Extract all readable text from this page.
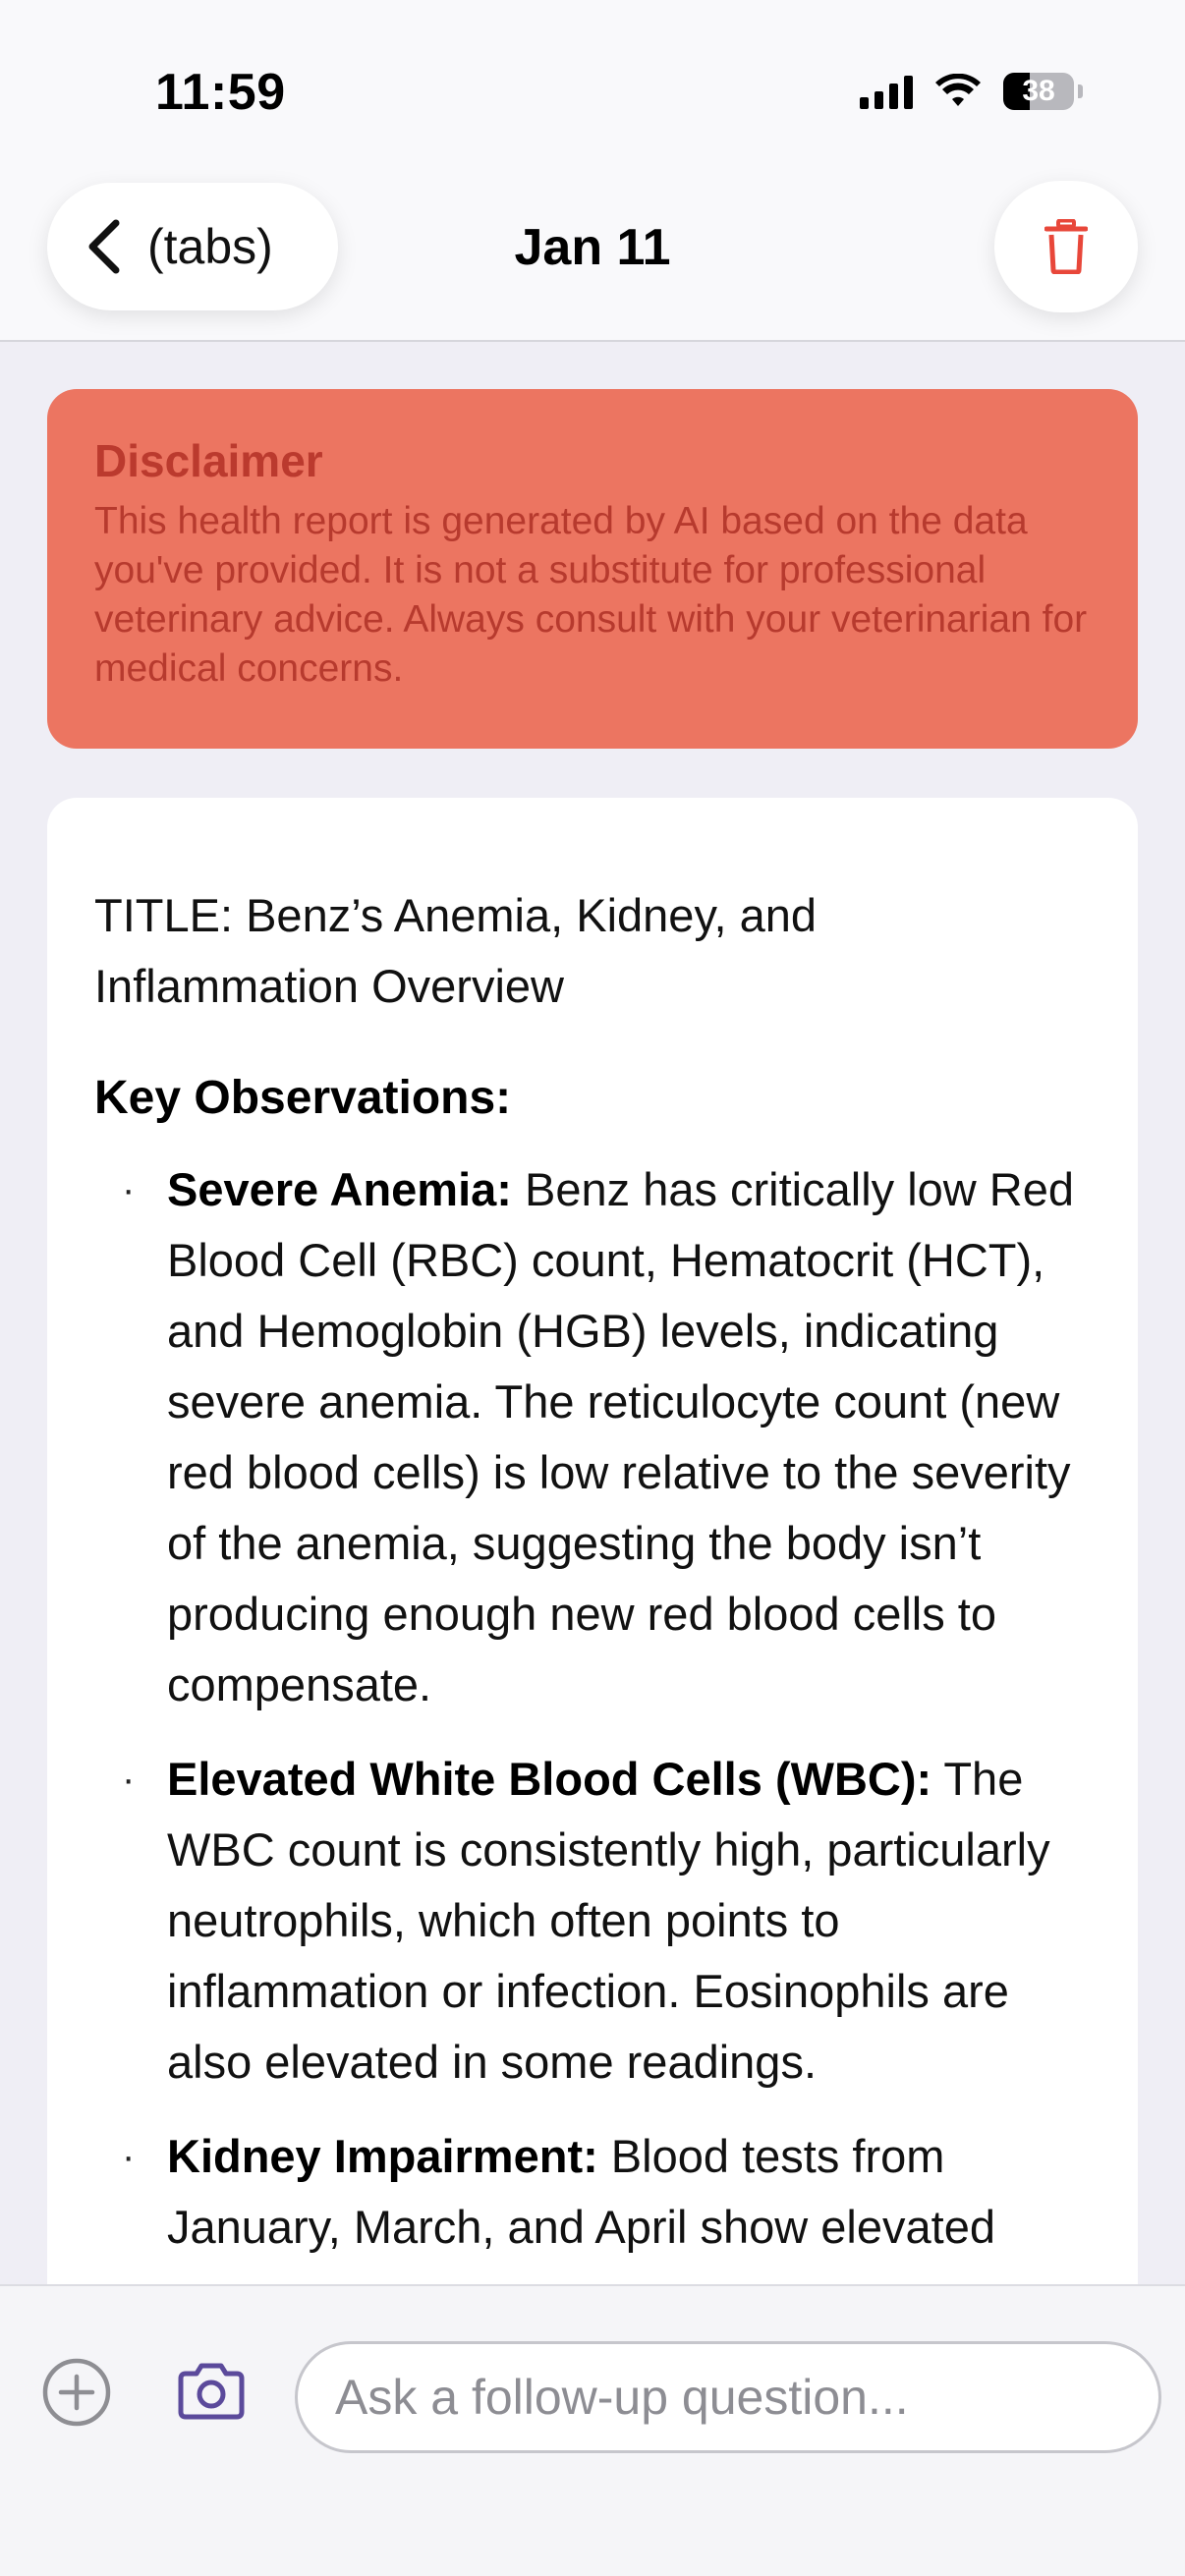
11:59	38
(tabs)	Jan 11
Disclaimer

This health report is generated by AI based on the data you've provided. It is not a substitute for professional veterinary advice. Always consult with your veterinarian for medical concerns.

TITLE: Benz’s Anemia, Kidney, and Inflammation Overview

Key Observations:
· Severe Anemia: Benz has critically low Red Blood Cell (RBC) count, Hematocrit (HCT), and Hemoglobin (HGB) levels, indicating severe anemia. The reticulocyte count (new red blood cells) is low relative to the severity of the anemia, suggesting the body isn’t producing enough new red blood cells to compensate.
· Elevated White Blood Cells (WBC): The WBC count is consistently high, particularly neutrophils, which often points to inflammation or infection. Eosinophils are also elevated in some readings.
· Kidney Impairment: Blood tests from January, March, and April show elevated
Ask a follow-up question...
